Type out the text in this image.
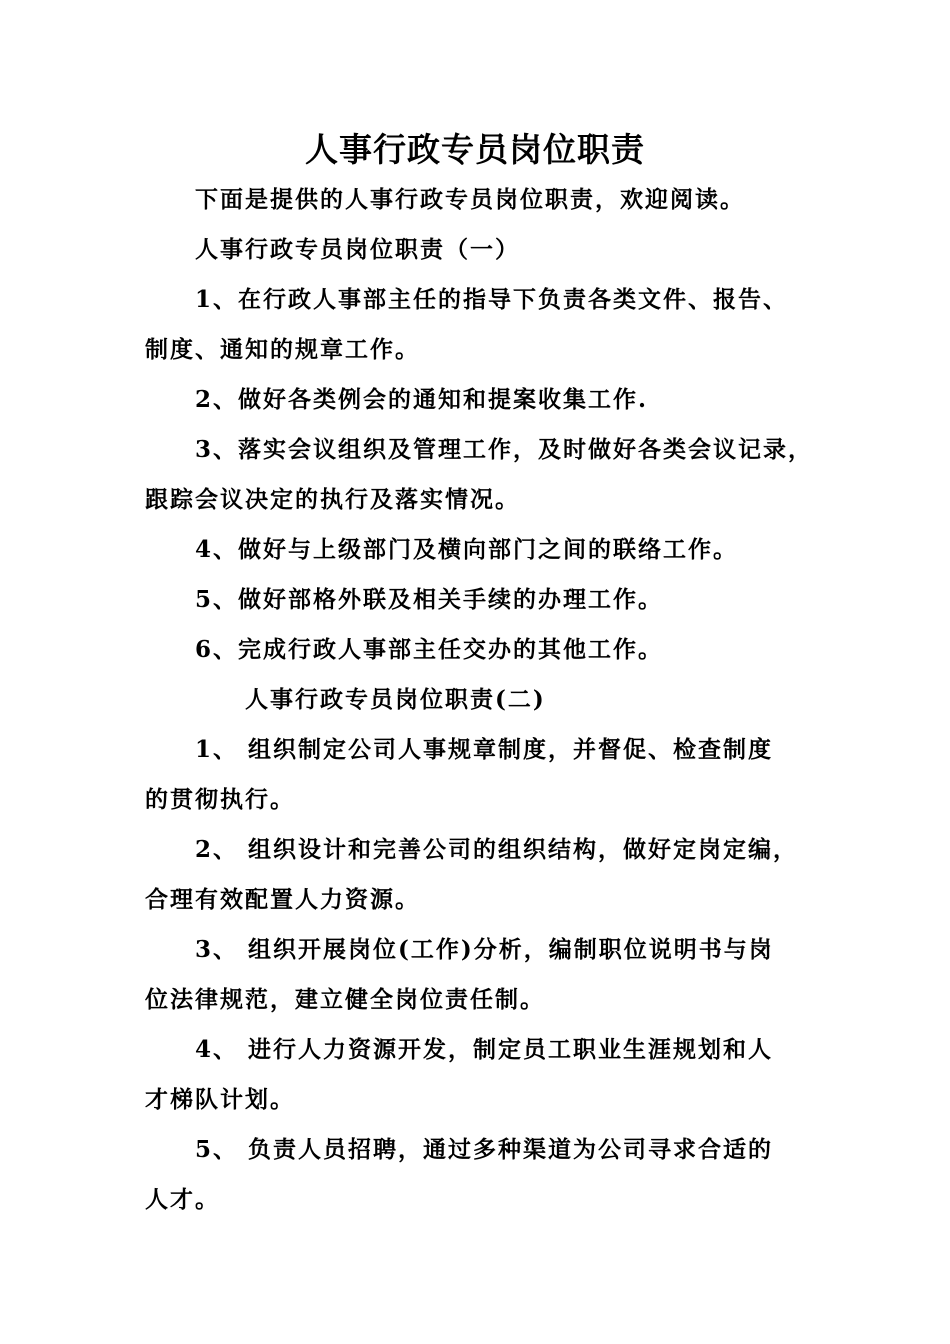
人事行政专员岗位职责
下面是提供的人事行政专员岗位职责，欢迎阅读。
人事行政专员岗位职责（一）
1、在行政人事部主任的指导下负责各类文件、报告、
制度、通知的规章工作。
2、做好各类例会的通知和提案收集工作.
3、落实会议组织及管理工作，及时做好各类会议记录，
跟踪会议决定的执行及落实情况。
4、做好与上级部门及横向部门之间的联络工作。
5、做好部格外联及相关手续的办理工作。
6、完成行政人事部主任交办的其他工作。
人事行政专员岗位职责(二)
1、 组织制定公司人事规章制度，并督促、检查制度
的贯彻执行。
2、 组织设计和完善公司的组织结构，做好定岗定编，
合理有效配置人力资源。
3、 组织开展岗位(工作)分析，编制职位说明书与岗
位法律规范，建立健全岗位责任制。
4、 进行人力资源开发，制定员工职业生涯规划和人
才梯队计划。
5、 负责人员招聘，通过多种渠道为公司寻求合适的
人才。
